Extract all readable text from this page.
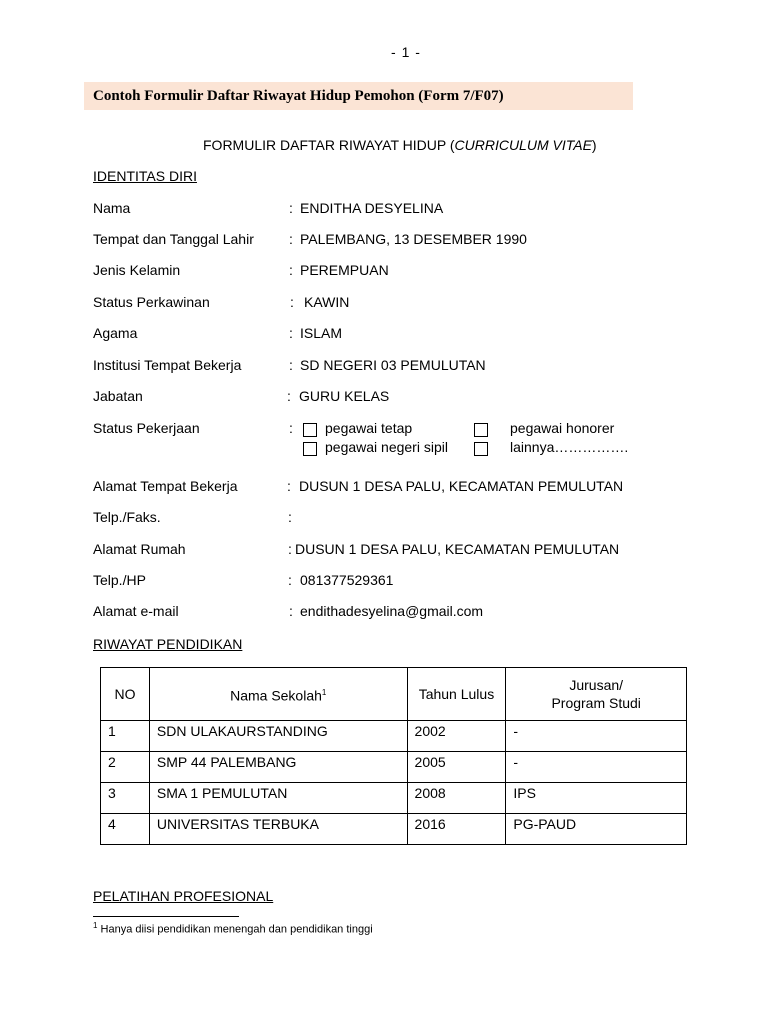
- 1 -
Contoh Formulir Daftar Riwayat Hidup Pemohon (Form 7/F07)
FORMULIR DAFTAR RIWAYAT HIDUP (CURRICULUM VITAE)
IDENTITAS DIRI
Nama	: ENDITHA DESYELINA
Tempat dan Tanggal Lahir	: PALEMBANG, 13 DESEMBER 1990
Jenis Kelamin	: PEREMPUAN
Status Perkawinan	: KAWIN
Agama	: ISLAM
Institusi Tempat Bekerja	: SD NEGERI 03 PEMULUTAN
Jabatan	: GURU KELAS
Status Pekerjaan	: pegawai tetap	pegawai honorer
pegawai negeri sipil	lainnya…………….
Alamat Tempat Bekerja	: DUSUN 1 DESA PALU, KECAMATAN PEMULUTAN
Telp./Faks.	:
Alamat Rumah	: DUSUN 1 DESA PALU, KECAMATAN PEMULUTAN
Telp./HP	: 081377529361
Alamat e-mail	: endithadesyelina@gmail.com
RIWAYAT PENDIDIKAN
NO	Nama Sekolah$^1$	Tahun Lulus	Jurusan/
Program Studi
1	SDN ULAKAURSTANDING	2002	-
2	SMP 44 PALEMBANG	2005	-
3	SMA 1 PEMULUTAN	2008	IPS
4	UNIVERSITAS TERBUKA	2016	PG-PAUD
PELATIHAN PROFESIONAL
$^1$ Hanya diisi pendidikan menengah dan pendidikan tinggi
